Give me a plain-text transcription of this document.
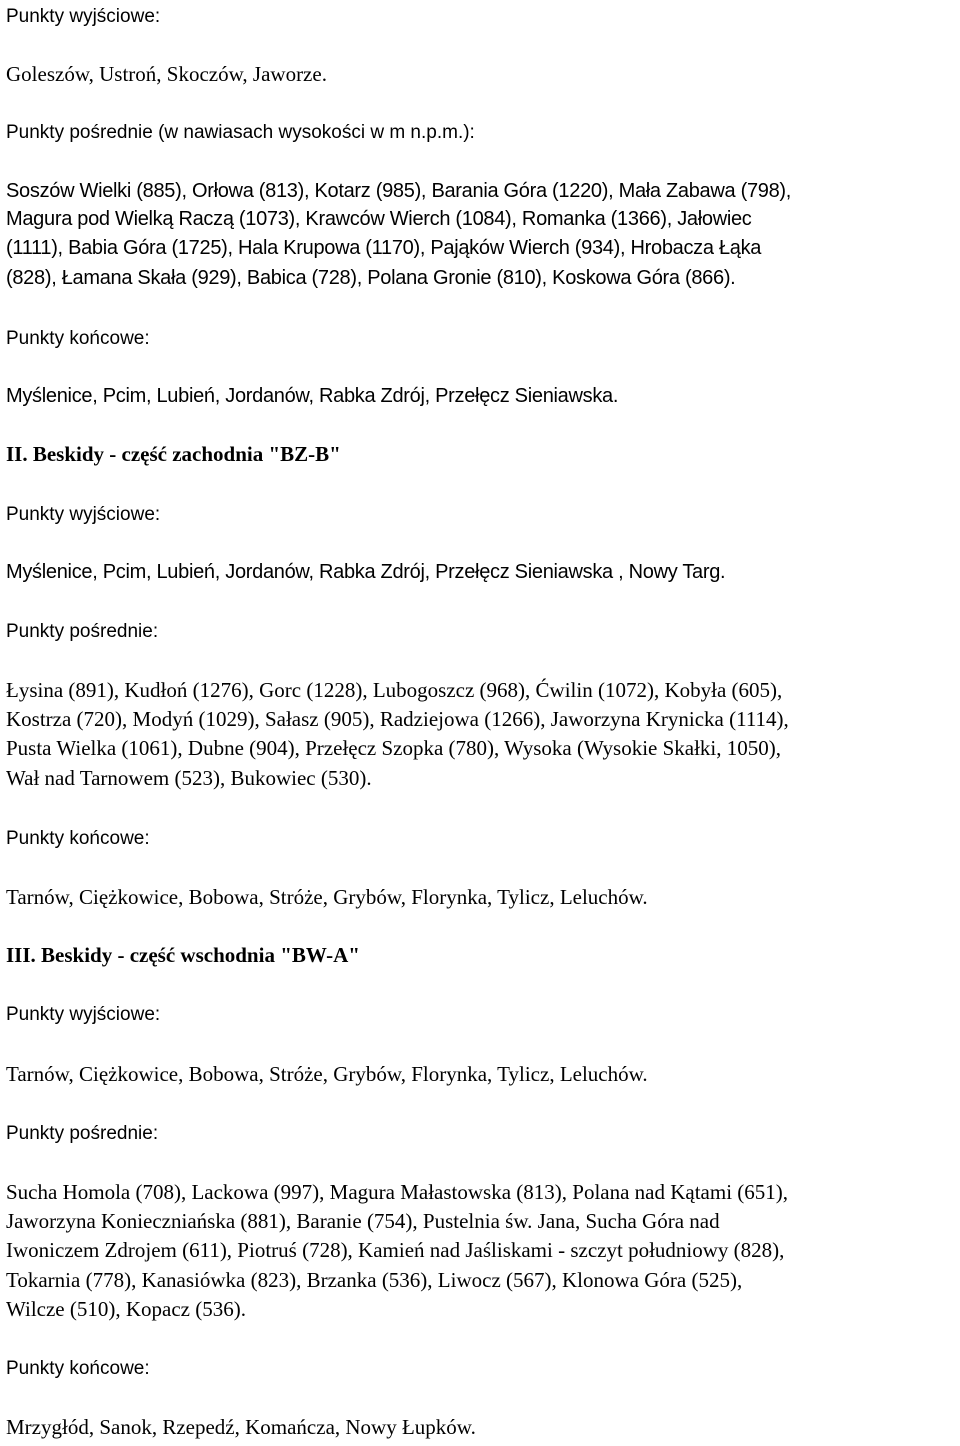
Punkty wyjściowe:
Goleszów, Ustroń, Skoczów, Jaworze.
Punkty pośrednie (w nawiasach wysokości w m n.p.m.):
Soszów Wielki (885), Orłowa (813), Kotarz (985), Barania Góra (1220), Mała Zabawa (798),
Magura pod Wielką Raczą (1073), Krawców Wierch (1084), Romanka (1366), Jałowiec
(1111), Babia Góra (1725), Hala Krupowa (1170), Pająków Wierch (934), Hrobacza Łąka
(828), Łamana Skała (929), Babica (728), Polana Gronie (810), Koskowa Góra (866).
Punkty końcowe:
Myślenice, Pcim, Lubień, Jordanów, Rabka Zdrój, Przełęcz Sieniawska.
II. Beskidy - część zachodnia "BZ-B"
Punkty wyjściowe:
Myślenice, Pcim, Lubień, Jordanów, Rabka Zdrój, Przełęcz Sieniawska , Nowy Targ.
Punkty pośrednie:
Łysina (891), Kudłoń (1276), Gorc (1228), Lubogoszcz (968), Ćwilin (1072), Kobyła (605),
Kostrza (720), Modyń (1029), Sałasz (905), Radziejowa (1266), Jaworzyna Krynicka (1114),
Pusta Wielka (1061), Dubne (904), Przełęcz Szopka (780), Wysoka (Wysokie Skałki, 1050),
Wał nad Tarnowem (523), Bukowiec (530).
Punkty końcowe:
Tarnów, Ciężkowice, Bobowa, Stróże, Grybów, Florynka, Tylicz, Leluchów.
III. Beskidy - część wschodnia "BW-A"
Punkty wyjściowe:
Tarnów, Ciężkowice, Bobowa, Stróże, Grybów, Florynka, Tylicz, Leluchów.
Punkty pośrednie:
Sucha Homola (708), Lackowa (997), Magura Małastowska (813), Polana nad Kątami (651),
Jaworzyna Konieczniańska (881), Baranie (754), Pustelnia św. Jana, Sucha Góra nad
Iwoniczem Zdrojem (611), Piotruś (728), Kamień nad Jaśliskami - szczyt południowy (828),
Tokarnia (778), Kanasiówka (823), Brzanka (536), Liwocz (567), Klonowa Góra (525),
Wilcze (510), Kopacz (536).
Punkty końcowe:
Mrzygłód, Sanok, Rzepedź, Komańcza, Nowy Łupków.
